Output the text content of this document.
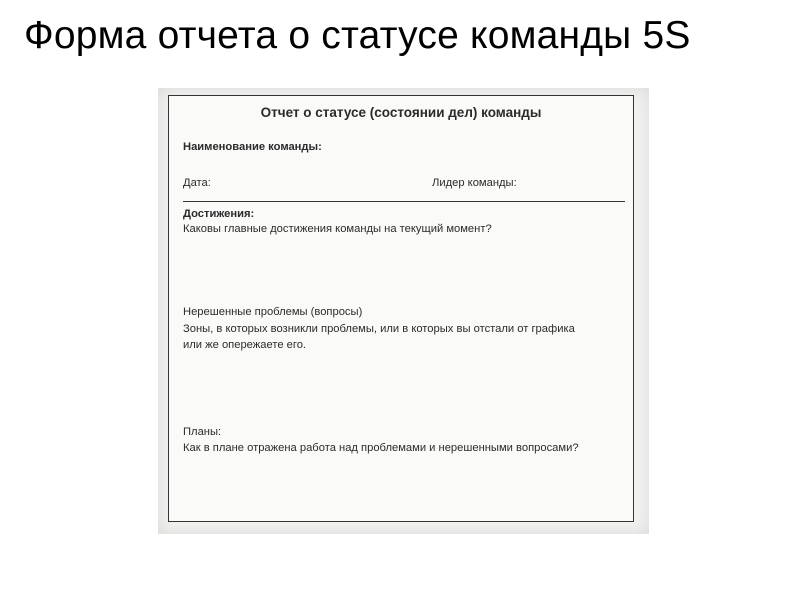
Форма отчета о статусе команды 5S
Отчет о статусе (состоянии дел) команды
Наименование команды:
Дата:	Лидер команды:
Достижения:
Каковы главные достижения команды на текущий момент?
Нерешенные проблемы (вопросы)
Зоны, в которых возникли проблемы, или в которых вы отстали от графика
или же опережаете его.
Планы:
Как в плане отражена работа над проблемами и нерешенными вопросами?
